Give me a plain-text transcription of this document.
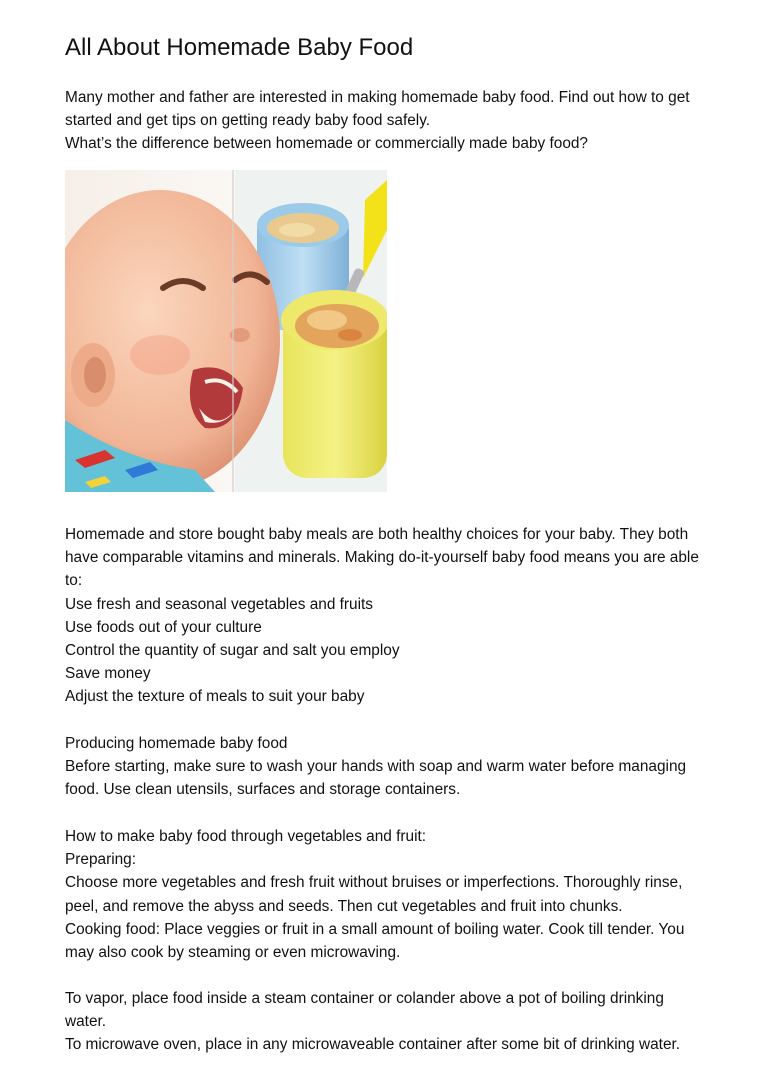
All About Homemade Baby Food
Many mother and father are interested in making homemade baby food. Find out how to get
started and get tips on getting ready baby food safely.
What’s the difference between homemade or commercially made baby food?
Homemade and store bought baby meals are both healthy choices for your baby. They both
have comparable vitamins and minerals. Making do-it-yourself baby food means you are able
to:
Use fresh and seasonal vegetables and fruits
Use foods out of your culture
Control the quantity of sugar and salt you employ
Save money
Adjust the texture of meals to suit your baby
Producing homemade baby food
Before starting, make sure to wash your hands with soap and warm water before managing
food. Use clean utensils, surfaces and storage containers.
How to make baby food through vegetables and fruit:
Preparing:
Choose more vegetables and fresh fruit without bruises or imperfections. Thoroughly rinse,
peel, and remove the abyss and seeds. Then cut vegetables and fruit into chunks.
Cooking food: Place veggies or fruit in a small amount of boiling water. Cook till tender. You
may also cook by steaming or even microwaving.
To vapor, place food inside a steam container or colander above a pot of boiling drinking
water.
To microwave oven, place in any microwaveable container after some bit of drinking water.
